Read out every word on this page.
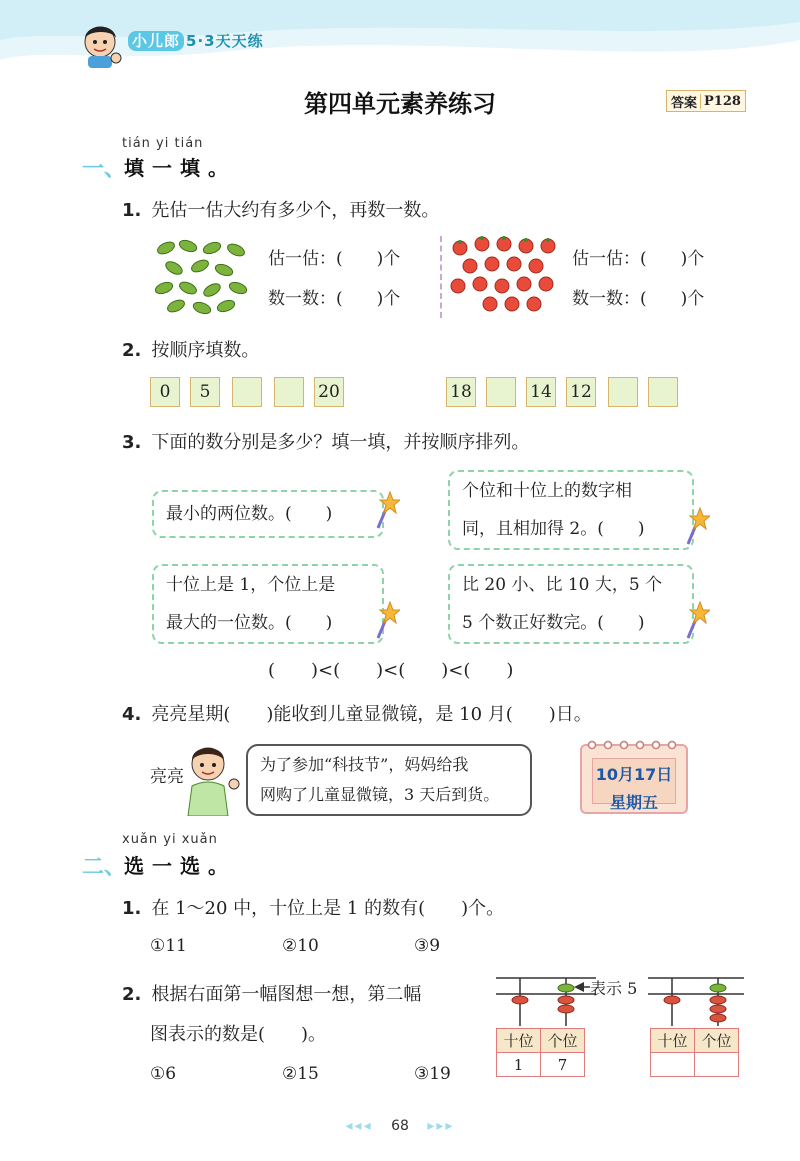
小儿郎 5·3天天练
第四单元素养练习	答案 P128
tián yi tián
一、
填一填。
1. 先估一估大约有多少个，再数一数。
估一估：(　　)个
数一数：(　　)个
估一估：(　　)个
数一数：(　　)个
2. 按顺序填数。
0	5	20	18	14 12
3. 下面的数分别是多少？填一填，并按顺序排列。
最小的两位数。(　　)
个位和十位上的数字相
同，且相加得 2。(　　)
十位上是 1，个位上是
最大的一位数。(　　)
比 20 小、比 10 大，5 个
5 个数正好数完。(　　)
(　　)<(　　)<(　　)<(　　)
4. 亮亮星期(　　)能收到儿童显微镜，是 10 月(　　)日。
亮亮
为了参加“科技节”，妈妈给我
网购了儿童显微镜，3 天后到货。
10月17日
星期五
xuǎn yi xuǎn
二、
选一选。
1. 在 1～20 中，十位上是 1 的数有(　　)个。
①11	②10	③9
2. 根据右面第一幅图想一想，第二幅
图表示的数是(　　)。
①6	②15	③19
表示 5
十位	个位
1	7
十位	个位

◂◂◂ 68 ▸▸▸
